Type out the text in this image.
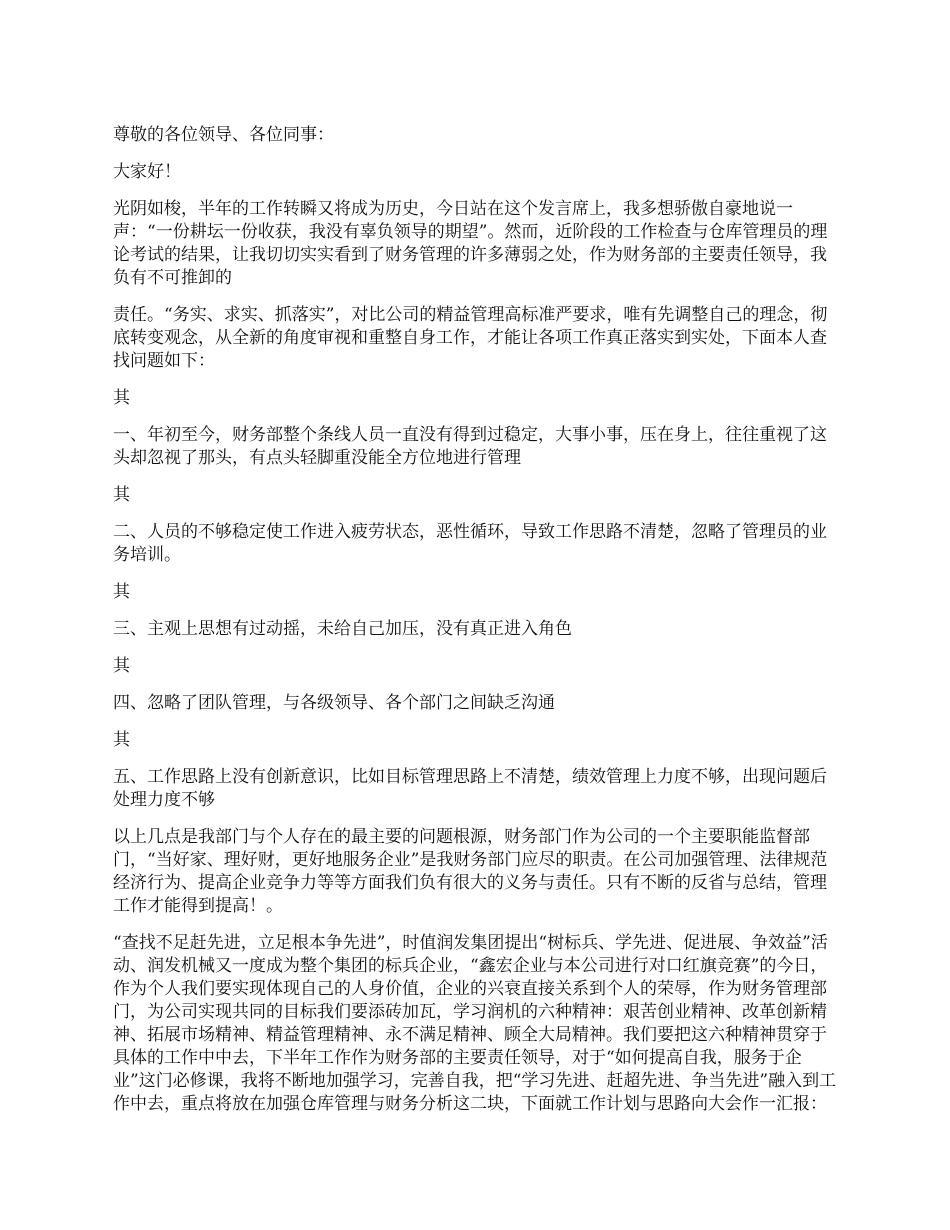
尊敬的各位领导、各位同事：

大家好！

光阴如梭，半年的工作转瞬又将成为历史，今日站在这个发言席上，我多想骄傲自豪地说一声：“一份耕坛一份收获，我没有辜负领导的期望”。然而，近阶段的工作检查与仓库管理员的理论考试的结果，让我切切实实看到了财务管理的许多薄弱之处，作为财务部的主要责任领导，我负有不可推卸的

责任。“务实、求实、抓落实”，对比公司的精益管理高标准严要求，唯有先调整自己的理念，彻底转变观念，从全新的角度审视和重整自身工作，才能让各项工作真正落实到实处，下面本人查找问题如下：

其

一、年初至今，财务部整个条线人员一直没有得到过稳定，大事小事，压在身上，往往重视了这头却忽视了那头，有点头轻脚重没能全方位地进行管理

其

二、人员的不够稳定使工作进入疲劳状态，恶性循环，导致工作思路不清楚，忽略了管理员的业务培训。

其

三、主观上思想有过动摇，未给自己加压，没有真正进入角色

其

四、忽略了团队管理，与各级领导、各个部门之间缺乏沟通

其

五、工作思路上没有创新意识，比如目标管理思路上不清楚，绩效管理上力度不够，出现问题后处理力度不够

以上几点是我部门与个人存在的最主要的问题根源，财务部门作为公司的一个主要职能监督部门，“当好家、理好财，更好地服务企业”是我财务部门应尽的职责。在公司加强管理、法律规范经济行为、提高企业竞争力等等方面我们负有很大的义务与责任。只有不断的反省与总结，管理工作才能得到提高！。

“查找不足赶先进，立足根本争先进”，时值润发集团提出“树标兵、学先进、促进展、争效益”活动、润发机械又一度成为整个集团的标兵企业，“鑫宏企业与本公司进行对口红旗竞赛”的今日，作为个人我们要实现体现自己的人身价值，企业的兴衰直接关系到个人的荣辱，作为财务管理部门，为公司实现共同的目标我们要添砖加瓦，学习润机的六种精神：艰苦创业精神、改革创新精神、拓展市场精神、精益管理精神、永不满足精神、顾全大局精神。我们要把这六种精神贯穿于具体的工作中中去，下半年工作作为财务部的主要责任领导，对于“如何提高自我，服务于企业”这门必修课，我将不断地加强学习，完善自我，把“学习先进、赶超先进、争当先进”融入到工作中去，重点将放在加强仓库管理与财务分析这二块，下面就工作计划与思路向大会作一汇报：
